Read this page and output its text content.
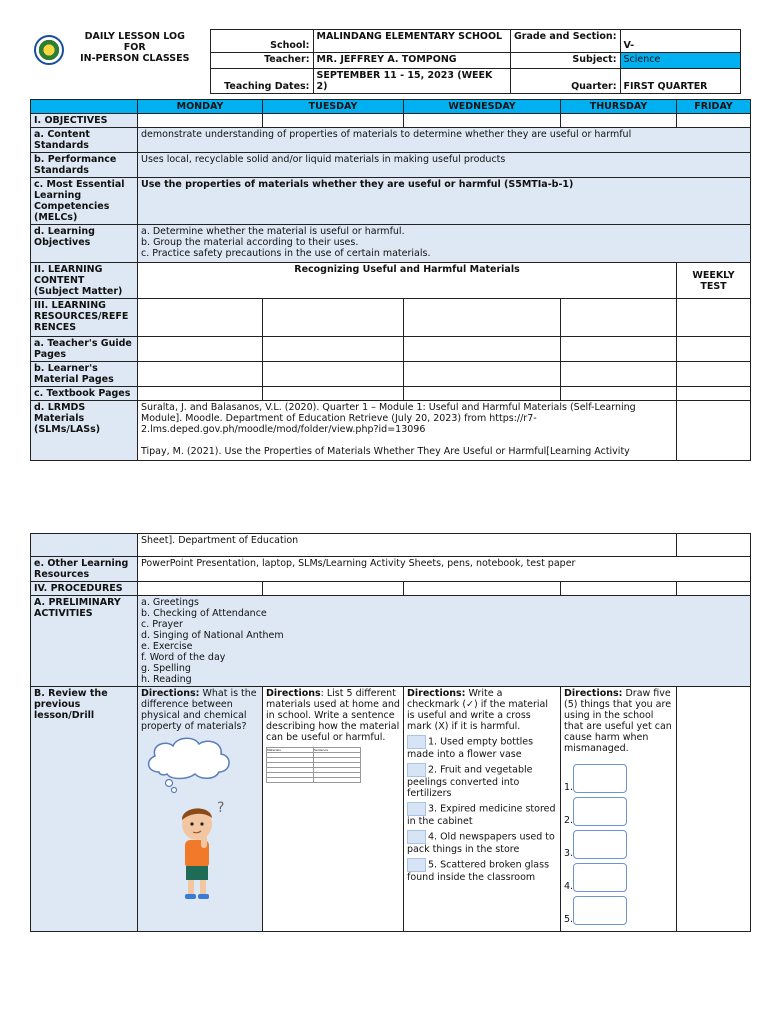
DAILY LESSON LOG
FOR
IN-PERSON CLASSES	School:	MALINDANG ELEMENTARY SCHOOL	Grade and Section:	V-
	Teacher:	MR. JEFFREY A. TOMPONG	Subject:	Science
	Teaching Dates:	SEPTEMBER 11 - 15, 2023 (WEEK 2)	Quarter:	FIRST QUARTER
	MONDAY	TUESDAY	WEDNESDAY	THURSDAY	FRIDAY
I. OBJECTIVES					
a. Content Standards	demonstrate understanding of properties of materials to determine whether they are useful or harmful				
b. Performance Standards	Uses local, recyclable solid and/or liquid materials in making useful products				
c. Most Essential Learning Competencies (MELCs)	Use the properties of materials whether they are useful or harmful (S5MTIa-b-1)				
d. Learning Objectives	a. Determine whether the material is useful or harmful.
b. Group the material according to their uses.
c. Practice safety precautions in the use of certain materials.				

II. LEARNING CONTENT
(Subject Matter)	Recognizing Useful and Harmful Materials				WEEKLY TEST
III. LEARNING RESOURCES/REFE RENCES					
a. Teacher's Guide Pages					
b. Learner's Material Pages					
c. Textbook Pages					
d. LRMDS Materials (SLMs/LASs)	Suralta, J. and Balasanos, V.L. (2020). Quarter 1 – Module 1: Useful and Harmful Materials (Self-Learning Module]. Moodle. Department of Education Retrieve (July 20, 2023) from https://r7-2.lms.deped.gov.ph/moodle/mod/folder/view.php?id=13096
Tipay, M. (2021). Use the Properties of Materials Whether They Are Useful or Harmful[Learning Activity				

	Sheet]. Department of Education	
e. Other Learning Resources	PowerPoint Presentation, laptop, SLMs/Learning Activity Sheets, pens, notebook, test paper
IV. PROCEDURES					
A. PRELIMINARY ACTIVITIES	
a. Greetings
b. Checking of Attendance
c. Prayer
d. Singing of National Anthem
e. Exercise
f. Word of the day
g. Spelling
h. Reading

B. Review the previous lesson/Drill	Directions: What is the difference between physical and chemical property of materials?
?
	Directions: List 5 different materials used at home and in school. Write a sentence describing how the material can be useful or harmful.
Materials	Sentence

	Directions: Write a checkmark (✓) if the material is useful and write a cross mark (X) if it is harmful.
1. Used empty bottles made into a flower vase
2. Fruit and vegetable peelings converted into fertilizers
3. Expired medicine stored in the cabinet
4. Old newspapers used to pack things in the store
5. Scattered broken glass found inside the classroom
	Directions: Draw five (5) things that you are using in the school that are useful yet can cause harm when mismanaged.
1.
2.
3.
4.
5.
